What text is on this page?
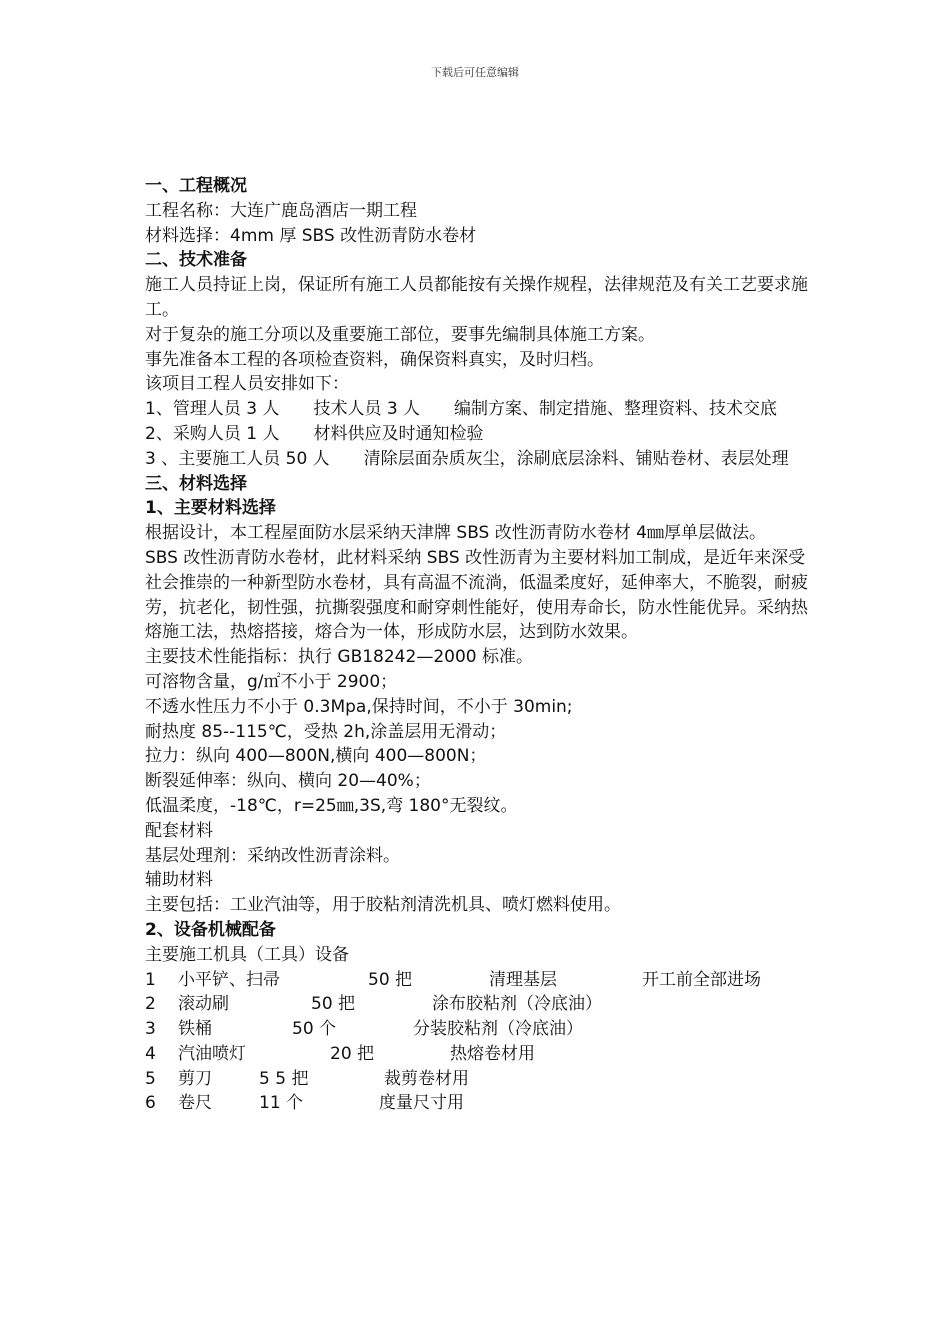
下载后可任意编辑
一、工程概况
工程名称：大连广鹿岛酒店一期工程
材料选择：4mm 厚 SBS 改性沥青防水卷材
二、技术准备
施工人员持证上岗，保证所有施工人员都能按有关操作规程，法律规范及有关工艺要求施工。
对于复杂的施工分项以及重要施工部位，要事先编制具体施工方案。
事先准备本工程的各项检查资料，确保资料真实，及时归档。
该项目工程人员安排如下：
1、管理人员 3 人　　技术人员 3 人　　编制方案、制定措施、整理资料、技术交底
2、采购人员 1 人　　材料供应及时通知检验
3 、主要施工人员 50 人　　清除层面杂质灰尘，涂刷底层涂料、铺贴卷材、表层处理
三、材料选择
1、主要材料选择
根据设计，本工程屋面防水层采纳天津牌 SBS 改性沥青防水卷材 4㎜厚单层做法。
SBS 改性沥青防水卷材，此材料采纳 SBS 改性沥青为主要材料加工制成，是近年来深受社会推崇的一种新型防水卷材，具有高温不流淌，低温柔度好，延伸率大，不脆裂，耐疲劳，抗老化，韧性强，抗撕裂强度和耐穿刺性能好，使用寿命长，防水性能优异。采纳热熔施工法，热熔搭接，熔合为一体，形成防水层，达到防水效果。
主要技术性能指标：执行 GB18242—2000 标准。
可溶物含量，g/㎡不小于 2900；
不透水性压力不小于 0.3Mpa,保持时间，不小于 30min;
耐热度 85--115℃，受热 2h,涂盖层用无滑动；
拉力：纵向 400—800N,横向 400—800N；
断裂延伸率：纵向、横向 20—40%；
低温柔度，-18℃，r=25㎜,3S,弯 180°无裂纹。
配套材料
基层处理剂：采纳改性沥青涂料。
辅助材料
主要包括：工业汽油等，用于胶粘剂清洗机具、喷灯燃料使用。
2、设备机械配备
主要施工机具（工具）设备
1	小平铲、扫帚	50 把	清理基层	开工前全部进场
2	滚动刷	50 把	涂布胶粘剂（冷底油）
3	铁桶	50 个	分装胶粘剂（冷底油）
4	汽油喷灯	20 把	热熔卷材用
5	剪刀	5 5 把	裁剪卷材用
6	卷尺	11 个	度量尺寸用
